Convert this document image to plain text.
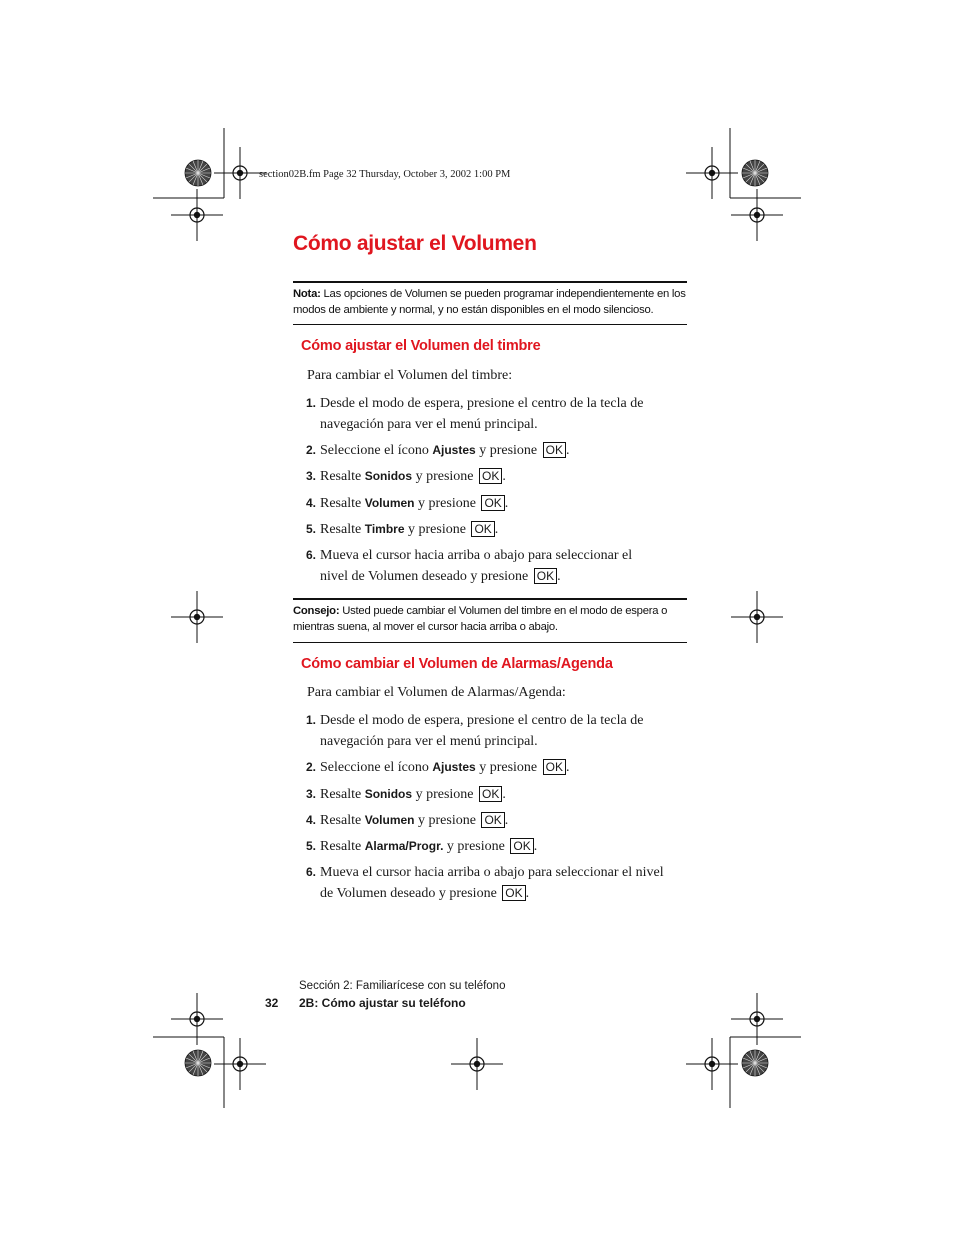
section02B.fm Page 32 Thursday, October 3, 2002 1:00 PM
Cómo ajustar el Volumen
Nota: Las opciones de Volumen se pueden programar independientemente en los modos de ambiente y normal, y no están disponibles en el modo silencioso.
Cómo ajustar el Volumen del timbre
Para cambiar el Volumen del timbre:
1. Desde el modo de espera, presione el centro de la tecla de navegación para ver el menú principal.
2. Seleccione el ícono Ajustes y presione OK .
3. Resalte Sonidos y presione OK .
4. Resalte Volumen y presione OK .
5. Resalte Timbre y presione OK .
6. Mueva el cursor hacia arriba o abajo para seleccionar el nivel de Volumen deseado y presione OK .
Consejo: Usted puede cambiar el Volumen del timbre en el modo de espera o mientras suena, al mover el cursor hacia arriba o abajo.
Cómo cambiar el Volumen de Alarmas/Agenda
Para cambiar el Volumen de Alarmas/Agenda:
1. Desde el modo de espera, presione el centro de la tecla de navegación para ver el menú principal.
2. Seleccione el ícono Ajustes y presione OK .
3. Resalte Sonidos y presione OK .
4. Resalte Volumen y presione OK .
5. Resalte Alarma/Progr. y presione OK .
6. Mueva el cursor hacia arriba o abajo para seleccionar el nivel de Volumen deseado y presione OK .
Sección 2: Familiarícese con su teléfono
32 2B: Cómo ajustar su teléfono
